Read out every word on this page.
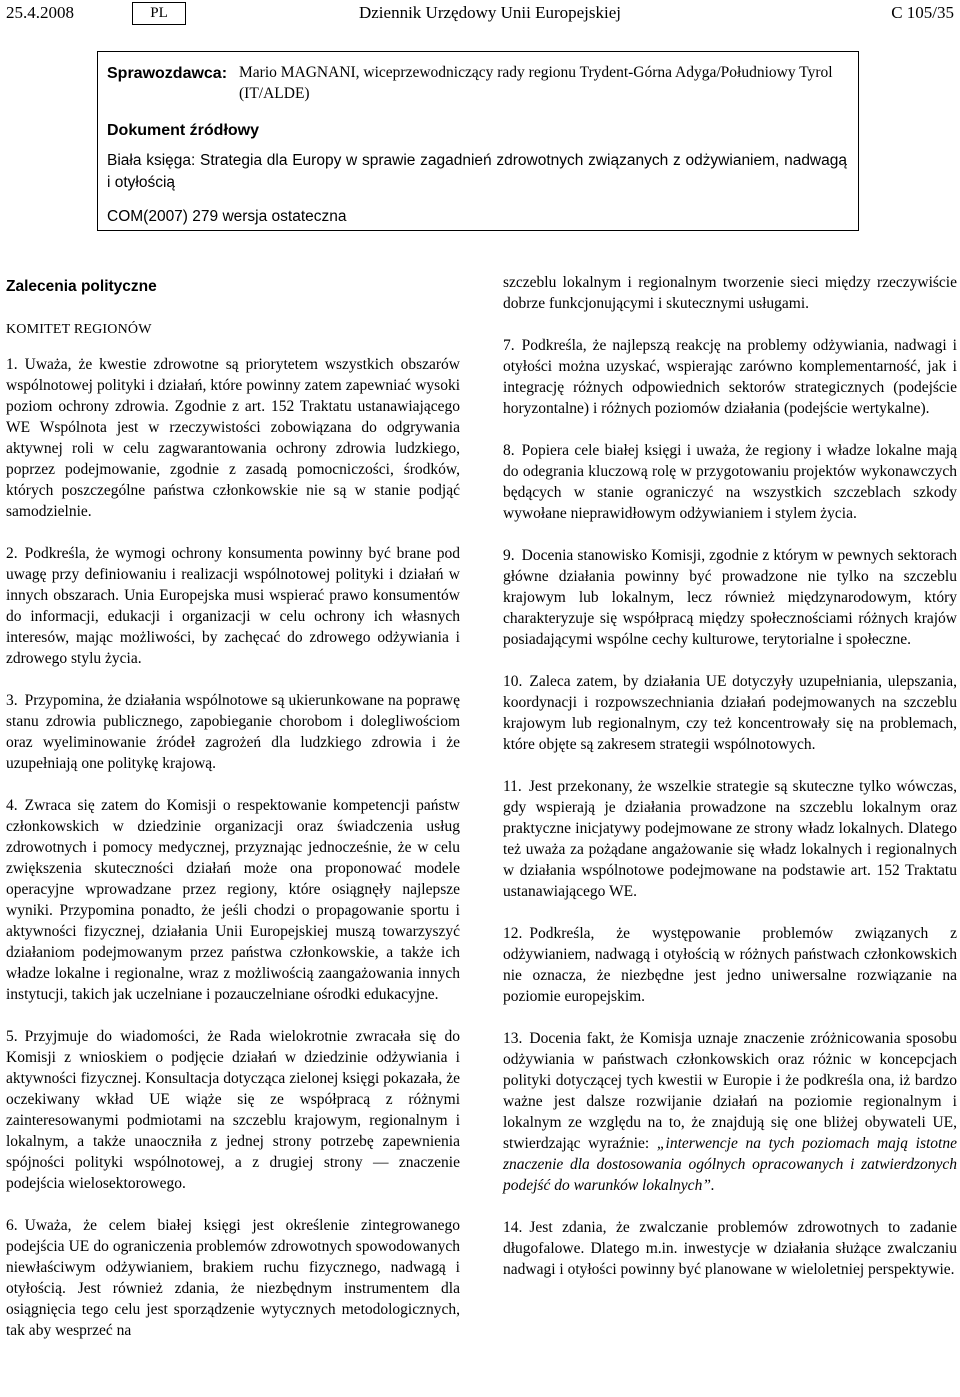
25.4.2008	PL	Dziennik Urzędowy Unii Europejskiej	C 105/35
Sprawozdawca: Mario MAGNANI, wiceprzewodniczący rady regionu Trydent-Górna Adyga/Południowy Tyrol (IT/ALDE)
Dokument źródłowy
Biała księga: Strategia dla Europy w sprawie zagadnień zdrowotnych związanych z odżywianiem, nadwagą i otyłością
COM(2007) 279 wersja ostateczna
Zalecenia polityczne
KOMITET REGIONÓW

1. Uważa, że kwestie zdrowotne są priorytetem wszystkich obszarów wspólnotowej polityki i działań, które powinny zatem zapewniać wysoki poziom ochrony zdrowia. Zgodnie z art. 152 Traktatu ustanawiającego WE Wspólnota jest w rzeczywistości zobowiązana do odgrywania aktywnej roli w celu zagwarantowania ochrony zdrowia ludzkiego, poprzez podejmowanie, zgodnie z zasadą pomocniczości, środków, których poszczególne państwa członkowskie nie są w stanie podjąć samodzielnie.

2. Podkreśla, że wymogi ochrony konsumenta powinny być brane pod uwagę przy definiowaniu i realizacji wspólnotowej polityki i działań w innych obszarach. Unia Europejska musi wspierać prawo konsumentów do informacji, edukacji i organizacji w celu ochrony ich własnych interesów, mając możliwości, by zachęcać do zdrowego odżywiania i zdrowego stylu życia.

3. Przypomina, że działania wspólnotowe są ukierunkowane na poprawę stanu zdrowia publicznego, zapobieganie chorobom i dolegliwościom oraz wyeliminowanie źródeł zagrożeń dla ludzkiego zdrowia i że uzupełniają one politykę krajową.

4. Zwraca się zatem do Komisji o respektowanie kompetencji państw członkowskich w dziedzinie organizacji oraz świadczenia usług zdrowotnych i pomocy medycznej, przyznając jednocześnie, że w celu zwiększenia skuteczności działań może ona proponować modele operacyjne wprowadzane przez regiony, które osiągnęły najlepsze wyniki. Przypomina ponadto, że jeśli chodzi o propagowanie sportu i aktywności fizycznej, działania Unii Europejskiej muszą towarzyszyć działaniom podejmowanym przez państwa członkowskie, a także ich władze lokalne i regionalne, wraz z możliwością zaangażowania innych instytucji, takich jak uczelniane i pozauczelniane ośrodki edukacyjne.

5. Przyjmuje do wiadomości, że Rada wielokrotnie zwracała się do Komisji z wnioskiem o podjęcie działań w dziedzinie odżywiania i aktywności fizycznej. Konsultacja dotycząca zielonej księgi pokazała, że oczekiwany wkład UE wiąże się ze współpracą z różnymi zainteresowanymi podmiotami na szczeblu krajowym, regionalnym i lokalnym, a także unaoczniła z jednej strony potrzebę zapewnienia spójności polityki wspólnotowej, a z drugiej strony — znaczenie podejścia wielosektorowego.

6. Uważa, że celem białej księgi jest określenie zintegrowanego podejścia UE do ograniczenia problemów zdrowotnych spowodowanych niewłaściwym odżywianiem, brakiem ruchu fizycznego, nadwagą i otyłością. Jest również zdania, że niezbędnym instrumentem dla osiągnięcia tego celu jest sporządzenie wytycznych metodologicznych, tak aby wesprzeć na

szczeblu lokalnym i regionalnym tworzenie sieci między rzeczywiście dobrze funkcjonującymi i skutecznymi usługami.

7. Podkreśla, że najlepszą reakcję na problemy odżywiania, nadwagi i otyłości można uzyskać, wspierając zarówno komplementarność, jak i integrację różnych odpowiednich sektorów strategicznych (podejście horyzontalne) i różnych poziomów działania (podejście wertykalne).

8. Popiera cele białej księgi i uważa, że regiony i władze lokalne mają do odegrania kluczową rolę w przygotowaniu projektów wykonawczych będących w stanie ograniczyć na wszystkich szczeblach szkody wywołane nieprawidłowym odżywianiem i stylem życia.

9. Docenia stanowisko Komisji, zgodnie z którym w pewnych sektorach główne działania powinny być prowadzone nie tylko na szczeblu krajowym lub lokalnym, lecz również międzynarodowym, który charakteryzuje się współpracą między społecznościami różnych krajów posiadającymi wspólne cechy kulturowe, terytorialne i społeczne.

10. Zaleca zatem, by działania UE dotyczyły uzupełniania, ulepszania, koordynacji i rozpowszechniania działań podejmowanych na szczeblu krajowym lub regionalnym, czy też koncentrowały się na problemach, które objęte są zakresem strategii wspólnotowych.

11. Jest przekonany, że wszelkie strategie są skuteczne tylko wówczas, gdy wspierają je działania prowadzone na szczeblu lokalnym oraz praktyczne inicjatywy podejmowane ze strony władz lokalnych. Dlatego też uważa za pożądane angażowanie się władz lokalnych i regionalnych w działania wspólnotowe podejmowane na podstawie art. 152 Traktatu ustanawiającego WE.

12. Podkreśla, że występowanie problemów związanych z odżywianiem, nadwagą i otyłością w różnych państwach członkowskich nie oznacza, że niezbędne jest jedno uniwersalne rozwiązanie na poziomie europejskim.

13. Docenia fakt, że Komisja uznaje znaczenie zróżnicowania sposobu odżywiania w państwach członkowskich oraz różnic w koncepcjach polityki dotyczącej tych kwestii w Europie i że podkreśla ona, iż bardzo ważne jest dalsze rozwijanie działań na poziomie regionalnym i lokalnym ze względu na to, że znajdują się one bliżej obywateli UE, stwierdzając wyraźnie: „interwencje na tych poziomach mają istotne znaczenie dla dostosowania ogólnych opracowanych i zatwierdzonych podejść do warunków lokalnych”.

14. Jest zdania, że zwalczanie problemów zdrowotnych to zadanie długofalowe. Dlatego m.in. inwestycje w działania służące zwalczaniu nadwagi i otyłości powinny być planowane w wieloletniej perspektywie.
